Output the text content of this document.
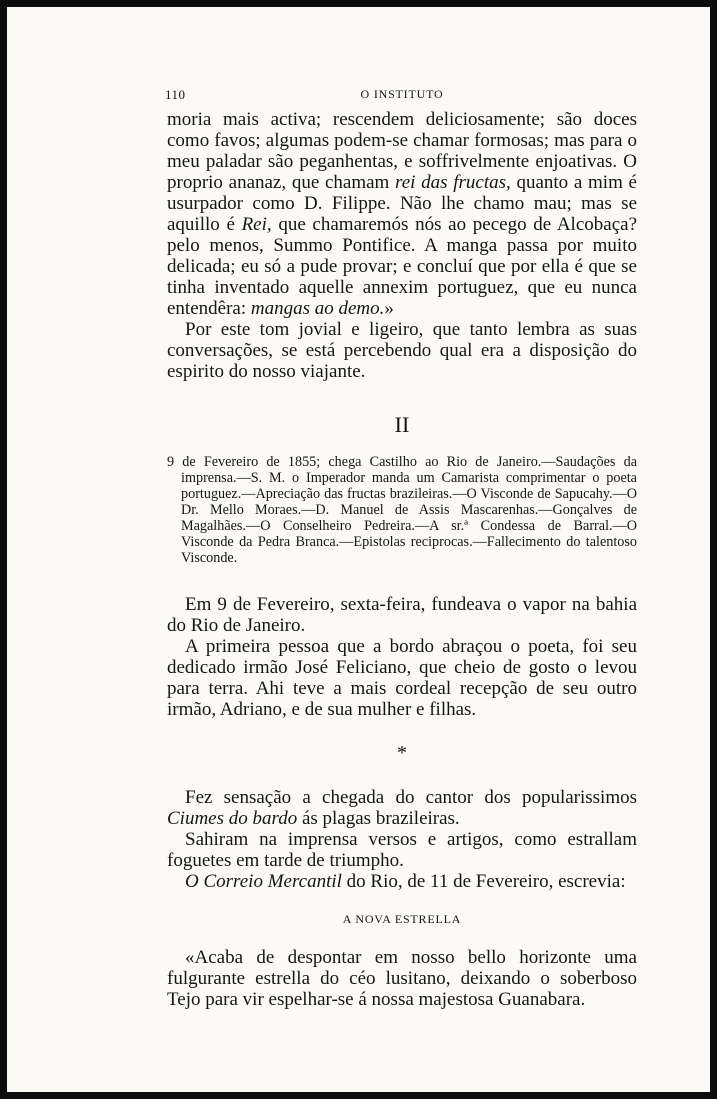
110	O INSTITUTO

moria mais activa; rescendem deliciosamente; são doces como favos; algumas podem-se chamar formosas; mas para o meu paladar são peganhentas, e soffrivelmente enjoativas. O proprio ananaz, que chamam rei das fructas, quanto a mim é usurpador como D. Filippe. Não lhe chamo mau; mas se aquillo é Rei, que chamaremós nós ao pecego de Alcobaça? pelo menos, Summo Pontifice. A manga passa por muito delicada; eu só a pude provar; e concluí que por ella é que se tinha inventado aquelle annexim portuguez, que eu nunca entendêra: mangas ao demo.»

Por este tom jovial e ligeiro, que tanto lembra as suas conversações, se está percebendo qual era a disposição do espirito do nosso viajante.

II

9 de Fevereiro de 1855; chega Castilho ao Rio de Janeiro.—Saudações da imprensa.—S. M. o Imperador manda um Camarista comprimentar o poeta portuguez.—Apreciação das fructas brazileiras.—O Visconde de Sapucahy.—O Dr. Mello Moraes.—D. Manuel de Assis Mascarenhas.—Gonçalves de Magalhães.—O Conselheiro Pedreira.—A sr.ª Condessa de Barral.—O Visconde da Pedra Branca.—Epistolas reciprocas.—Fallecimento do talentoso Visconde.

Em 9 de Fevereiro, sexta-feira, fundeava o vapor na bahia do Rio de Janeiro.

A primeira pessoa que a bordo abraçou o poeta, foi seu dedicado irmão José Feliciano, que cheio de gosto o levou para terra. Ahi teve a mais cordeal recepção de seu outro irmão, Adriano, e de sua mulher e filhas.

*

Fez sensação a chegada do cantor dos popularissimos Ciumes do bardo ás plagas brazileiras.

Sahiram na imprensa versos e artigos, como estrallam foguetes em tarde de triumpho.

O Correio Mercantil do Rio, de 11 de Fevereiro, escrevia:

A NOVA ESTRELLA

«Acaba de despontar em nosso bello horizonte uma fulgurante estrella do céo lusitano, deixando o soberboso Tejo para vir espelhar-se á nossa majestosa Guanabara.
